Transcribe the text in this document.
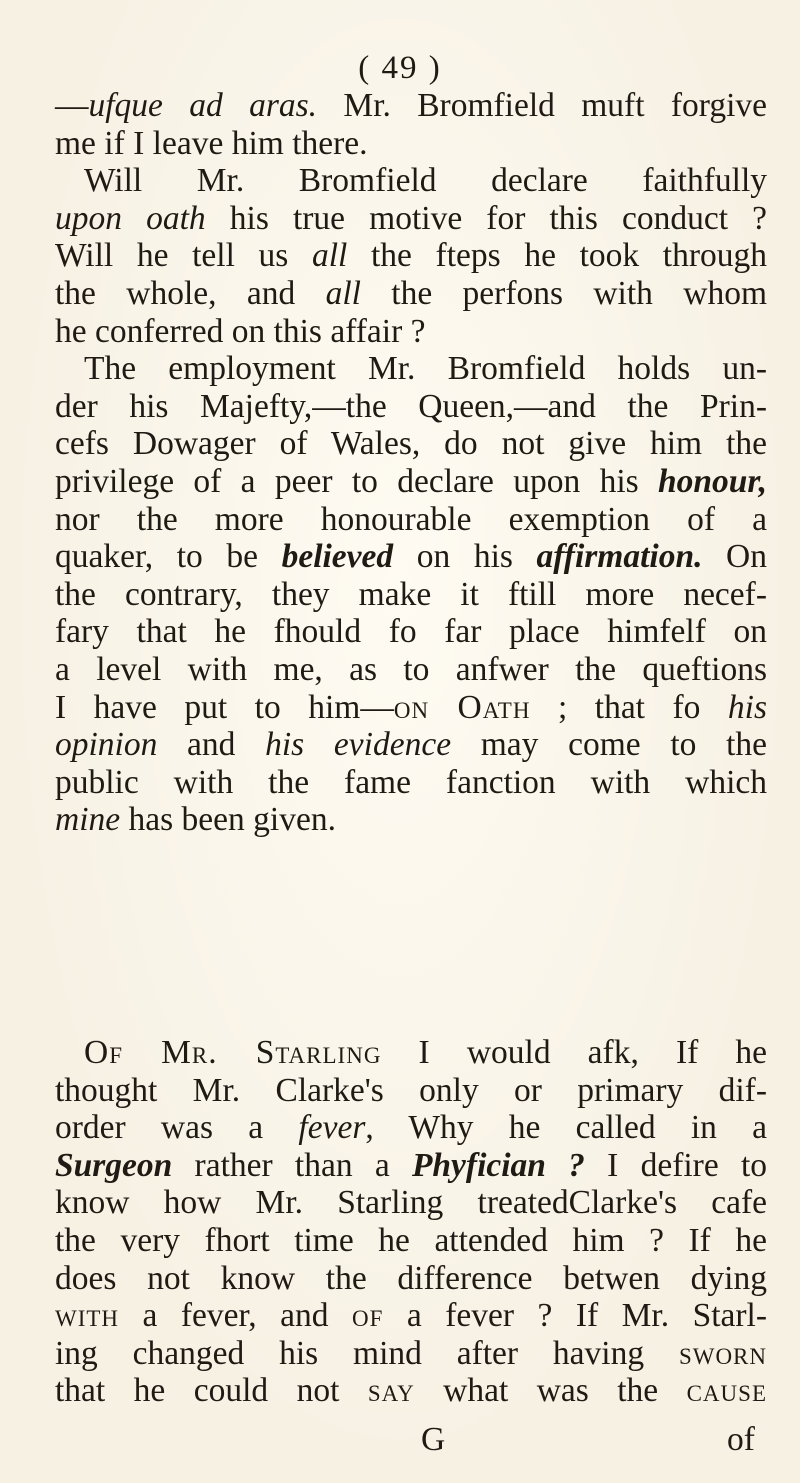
( 49 )
—ufque ad aras. Mr. Bromfield muft forgive
me if I leave him there.
Will Mr. Bromfield declare faithfully
upon oath his true motive for this conduct ?
Will he tell us all the fteps he took through
the whole, and all the perfons with whom
he conferred on this affair ?
The employment Mr. Bromfield holds un-
der his Majefty,—the Queen,—and the Prin-
cefs Dowager of Wales, do not give him the
privilege of a peer to declare upon his honour,
nor the more honourable exemption of a
quaker, to be believed on his affirmation. On
the contrary, they make it ftill more necef-
fary that he fhould fo far place himfelf on
a level with me, as to anfwer the queftions
I have put to him—on Oath ; that fo his
opinion and his evidence may come to the
public with the fame fanction with which
mine has been given.
Of Mr. Starling I would afk, If he
thought Mr. Clarke's only or primary dif-
order was a fever, Why he called in a
Surgeon rather than a Phyfician ? I defire to
know how Mr. Starling treatedClarke's cafe
the very fhort time he attended him ? If he
does not know the difference betwen dying
with a fever, and of a fever ? If Mr. Starl-
ing changed his mind after having sworn
that he could not say what was the cause
G	of
